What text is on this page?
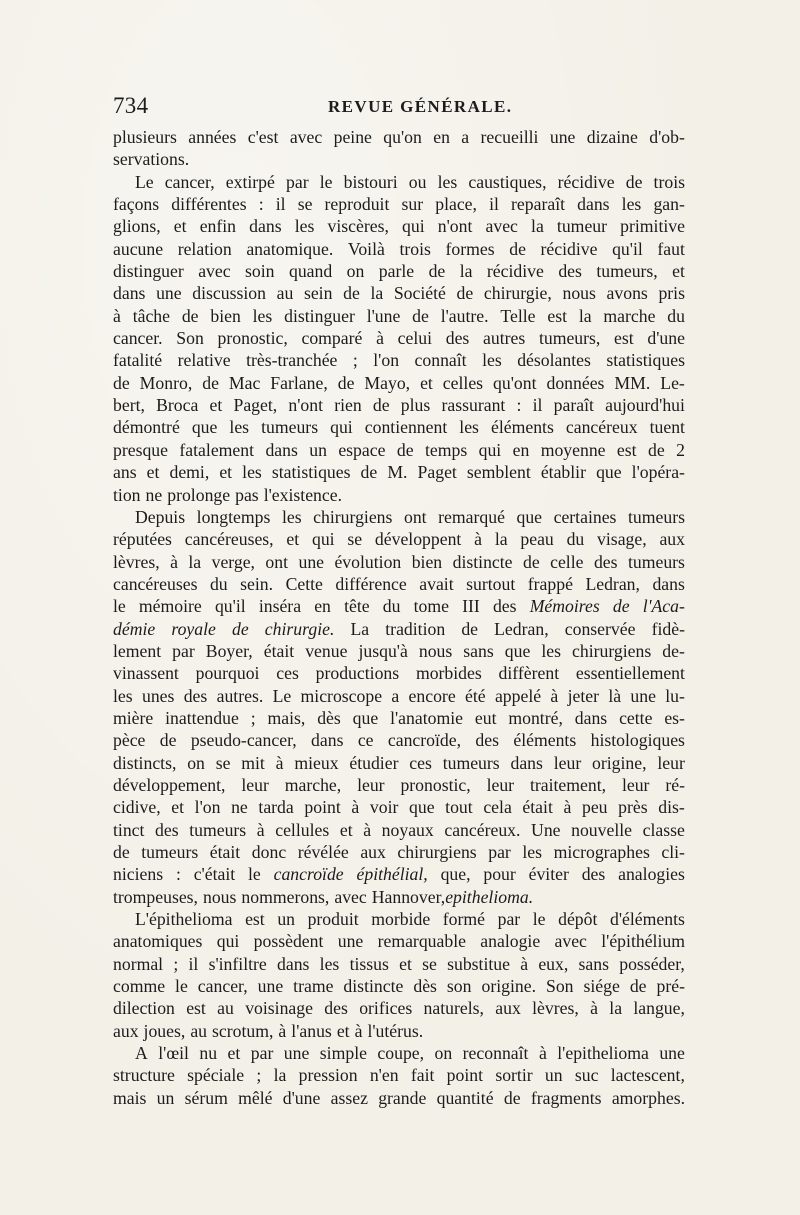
734	REVUE GÉNÉRALE.
plusieurs années c'est avec peine qu'on en a recueilli une dizaine d'ob-
servations.
Le cancer, extirpé par le bistouri ou les caustiques, récidive de trois
façons différentes : il se reproduit sur place, il reparaît dans les gan-
glions, et enfin dans les viscères, qui n'ont avec la tumeur primitive
aucune relation anatomique. Voilà trois formes de récidive qu'il faut
distinguer avec soin quand on parle de la récidive des tumeurs, et
dans une discussion au sein de la Société de chirurgie, nous avons pris
à tâche de bien les distinguer l'une de l'autre. Telle est la marche du
cancer. Son pronostic, comparé à celui des autres tumeurs, est d'une
fatalité relative très-tranchée ; l'on connaît les désolantes statistiques
de Monro, de Mac Farlane, de Mayo, et celles qu'ont données MM. Le-
bert, Broca et Paget, n'ont rien de plus rassurant : il paraît aujourd'hui
démontré que les tumeurs qui contiennent les éléments cancéreux tuent
presque fatalement dans un espace de temps qui en moyenne est de 2
ans et demi, et les statistiques de M. Paget semblent établir que l'opéra-
tion ne prolonge pas l'existence.
Depuis longtemps les chirurgiens ont remarqué que certaines tumeurs
réputées cancéreuses, et qui se développent à la peau du visage, aux
lèvres, à la verge, ont une évolution bien distincte de celle des tumeurs
cancéreuses du sein. Cette différence avait surtout frappé Ledran, dans
le mémoire qu'il inséra en tête du tome III des Mémoires de l'Aca-
démie royale de chirurgie. La tradition de Ledran, conservée fidè-
lement par Boyer, était venue jusqu'à nous sans que les chirurgiens de-
vinassent pourquoi ces productions morbides diffèrent essentiellement
les unes des autres. Le microscope a encore été appelé à jeter là une lu-
mière inattendue ; mais, dès que l'anatomie eut montré, dans cette es-
pèce de pseudo-cancer, dans ce cancroïde, des éléments histologiques
distincts, on se mit à mieux étudier ces tumeurs dans leur origine, leur
développement, leur marche, leur pronostic, leur traitement, leur ré-
cidive, et l'on ne tarda point à voir que tout cela était à peu près dis-
tinct des tumeurs à cellules et à noyaux cancéreux. Une nouvelle classe
de tumeurs était donc révélée aux chirurgiens par les micrographes cli-
niciens : c'était le cancroïde épithélial, que, pour éviter des analogies
trompeuses, nous nommerons, avec Hannover, epithelioma.
L'épithelioma est un produit morbide formé par le dépôt d'éléments
anatomiques qui possèdent une remarquable analogie avec l'épithélium
normal ; il s'infiltre dans les tissus et se substitue à eux, sans posséder,
comme le cancer, une trame distincte dès son origine. Son siége de pré-
dilection est au voisinage des orifices naturels, aux lèvres, à la langue,
aux joues, au scrotum, à l'anus et à l'utérus.
A l'œil nu et par une simple coupe, on reconnaît à l'epithelioma une
structure spéciale ; la pression n'en fait point sortir un suc lactescent,
mais un sérum mêlé d'une assez grande quantité de fragments amorphes.
